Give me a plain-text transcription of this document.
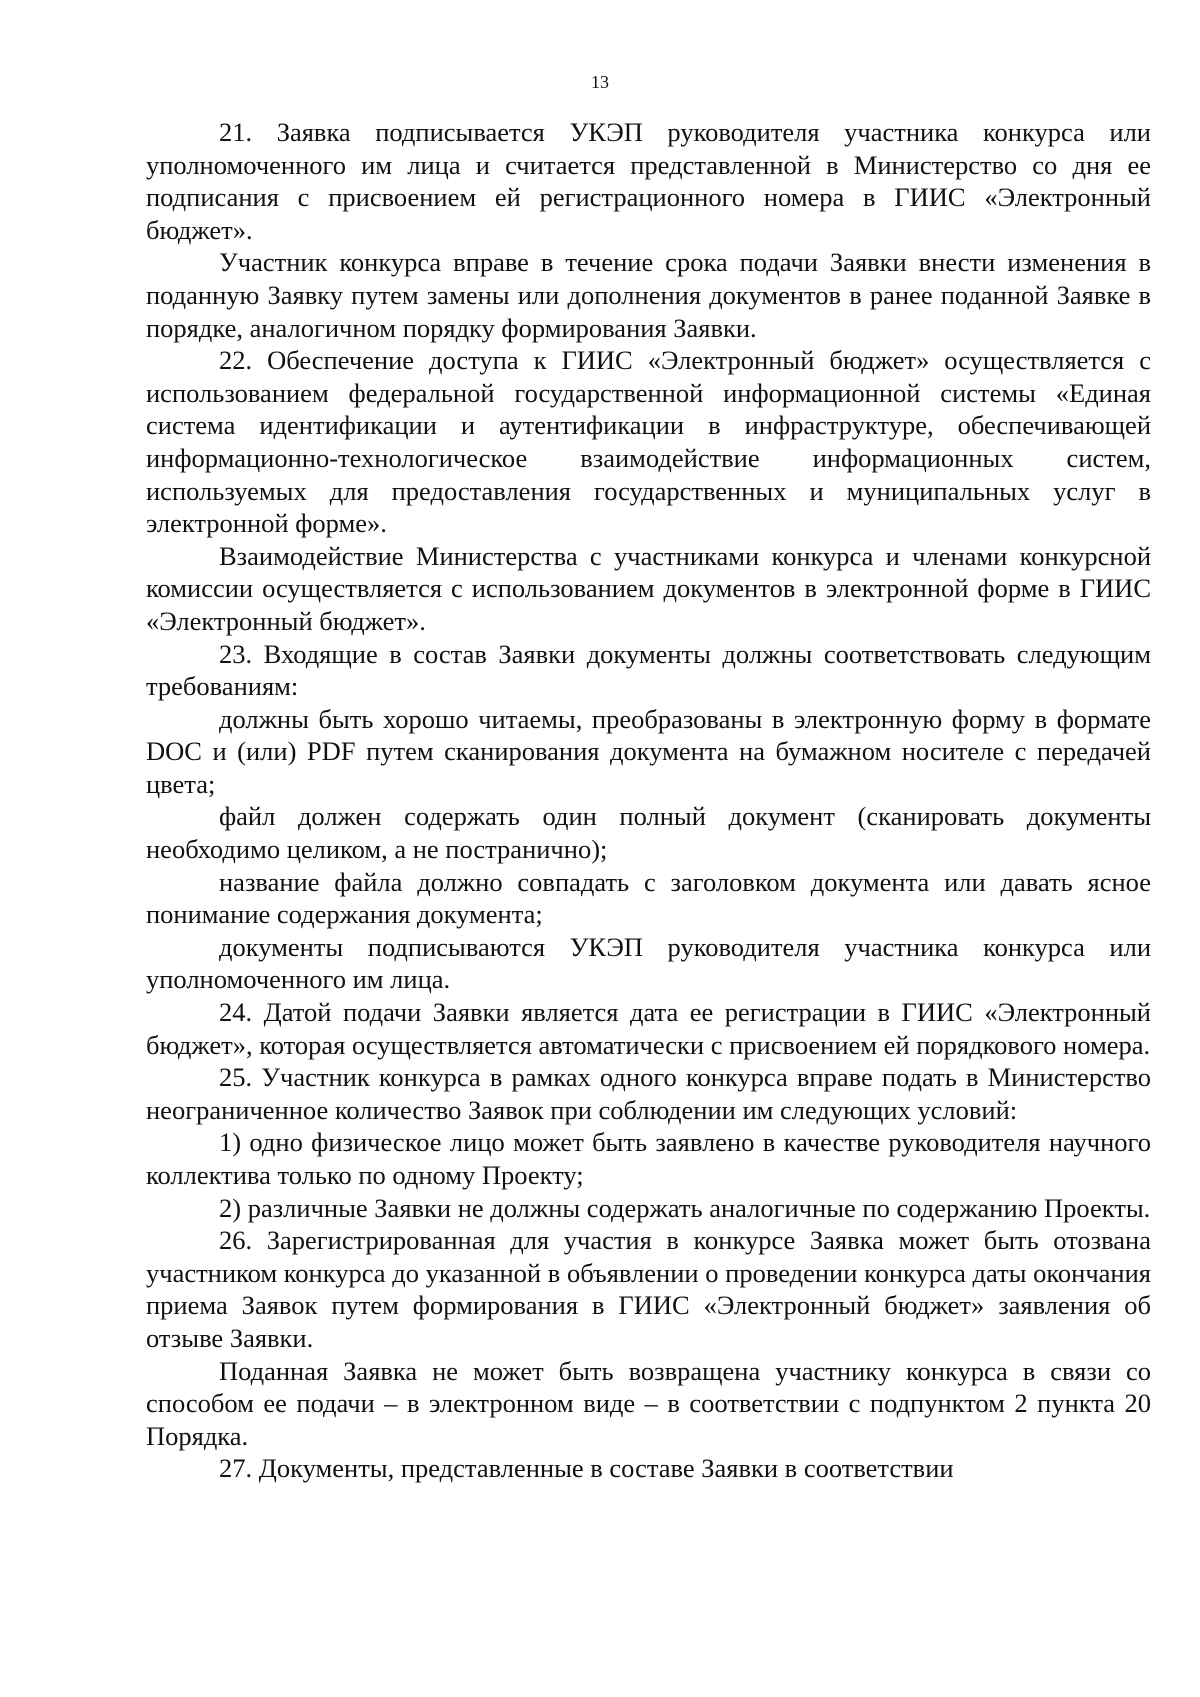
13

21. Заявка подписывается УКЭП руководителя участника конкурса или уполномоченного им лица и считается представленной в Министерство со дня ее подписания с присвоением ей регистрационного номера в ГИИС «Электронный бюджет».

Участник конкурса вправе в течение срока подачи Заявки внести изменения в поданную Заявку путем замены или дополнения документов в ранее поданной Заявке в порядке, аналогичном порядку формирования Заявки.

22. Обеспечение доступа к ГИИС «Электронный бюджет» осуществляется с использованием федеральной государственной информационной системы «Единая система идентификации и аутентификации в инфраструктуре, обеспечивающей информационно-технологическое взаимодействие информационных систем, используемых для предоставления государственных и муниципальных услуг в электронной форме».

Взаимодействие Министерства с участниками конкурса и членами конкурсной комиссии осуществляется с использованием документов в электронной форме в ГИИС «Электронный бюджет».

23. Входящие в состав Заявки документы должны соответствовать следующим требованиям:

должны быть хорошо читаемы, преобразованы в электронную форму в формате DOC и (или) PDF путем сканирования документа на бумажном носителе с передачей цвета;

файл должен содержать один полный документ (сканировать документы необходимо целиком, а не постранично);

название файла должно совпадать с заголовком документа или давать ясное понимание содержания документа;

документы подписываются УКЭП руководителя участника конкурса или уполномоченного им лица.

24. Датой подачи Заявки является дата ее регистрации в ГИИС «Электронный бюджет», которая осуществляется автоматически с присвоением ей порядкового номера.

25. Участник конкурса в рамках одного конкурса вправе подать в Министерство неограниченное количество Заявок при соблюдении им следующих условий:

1) одно физическое лицо может быть заявлено в качестве руководителя научного коллектива только по одному Проекту;

2) различные Заявки не должны содержать аналогичные по содержанию Проекты.

26. Зарегистрированная для участия в конкурсе Заявка может быть отозвана участником конкурса до указанной в объявлении о проведении конкурса даты окончания приема Заявок путем формирования в ГИИС «Электронный бюджет» заявления об отзыве Заявки.

Поданная Заявка не может быть возвращена участнику конкурса в связи со способом ее подачи – в электронном виде – в соответствии с подпунктом 2 пункта 20 Порядка.

27. Документы, представленные в составе Заявки в соответствии
